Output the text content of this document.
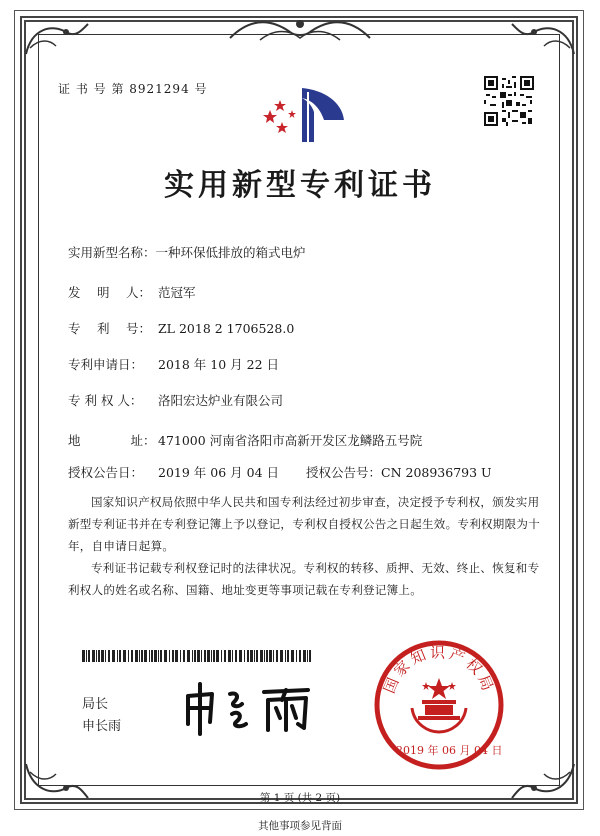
证 书 号 第 8921294 号
实用新型专利证书
实用新型名称：一种环保低排放的箱式电炉
发　 明　 人： 范冠军
专　 利　 号： ZL 2018 2 1706528.0
专利申请日： 2018 年 10 月 22 日
专 利 权 人： 洛阳宏达炉业有限公司
地　　　　址： 471000 河南省洛阳市高新开发区龙鳞路五号院
授权公告日： 2019 年 06 月 04 日 授权公告号：CN 208936793 U
国家知识产权局依照中华人民共和国专利法经过初步审查，决定授予专利权，颁发实用新型专利证书并在专利登记簿上予以登记，专利权自授权公告之日起生效。专利权期限为十年，自申请日起算。
专利证书记载专利权登记时的法律状况。专利权的转移、质押、无效、终止、恢复和专利权人的姓名或名称、国籍、地址变更等事项记载在专利登记簿上。
局长
申长雨
国家知识产权局
2019 年 06 月 04 日
第 1 页 (共 2 页)
其他事项参见背面
